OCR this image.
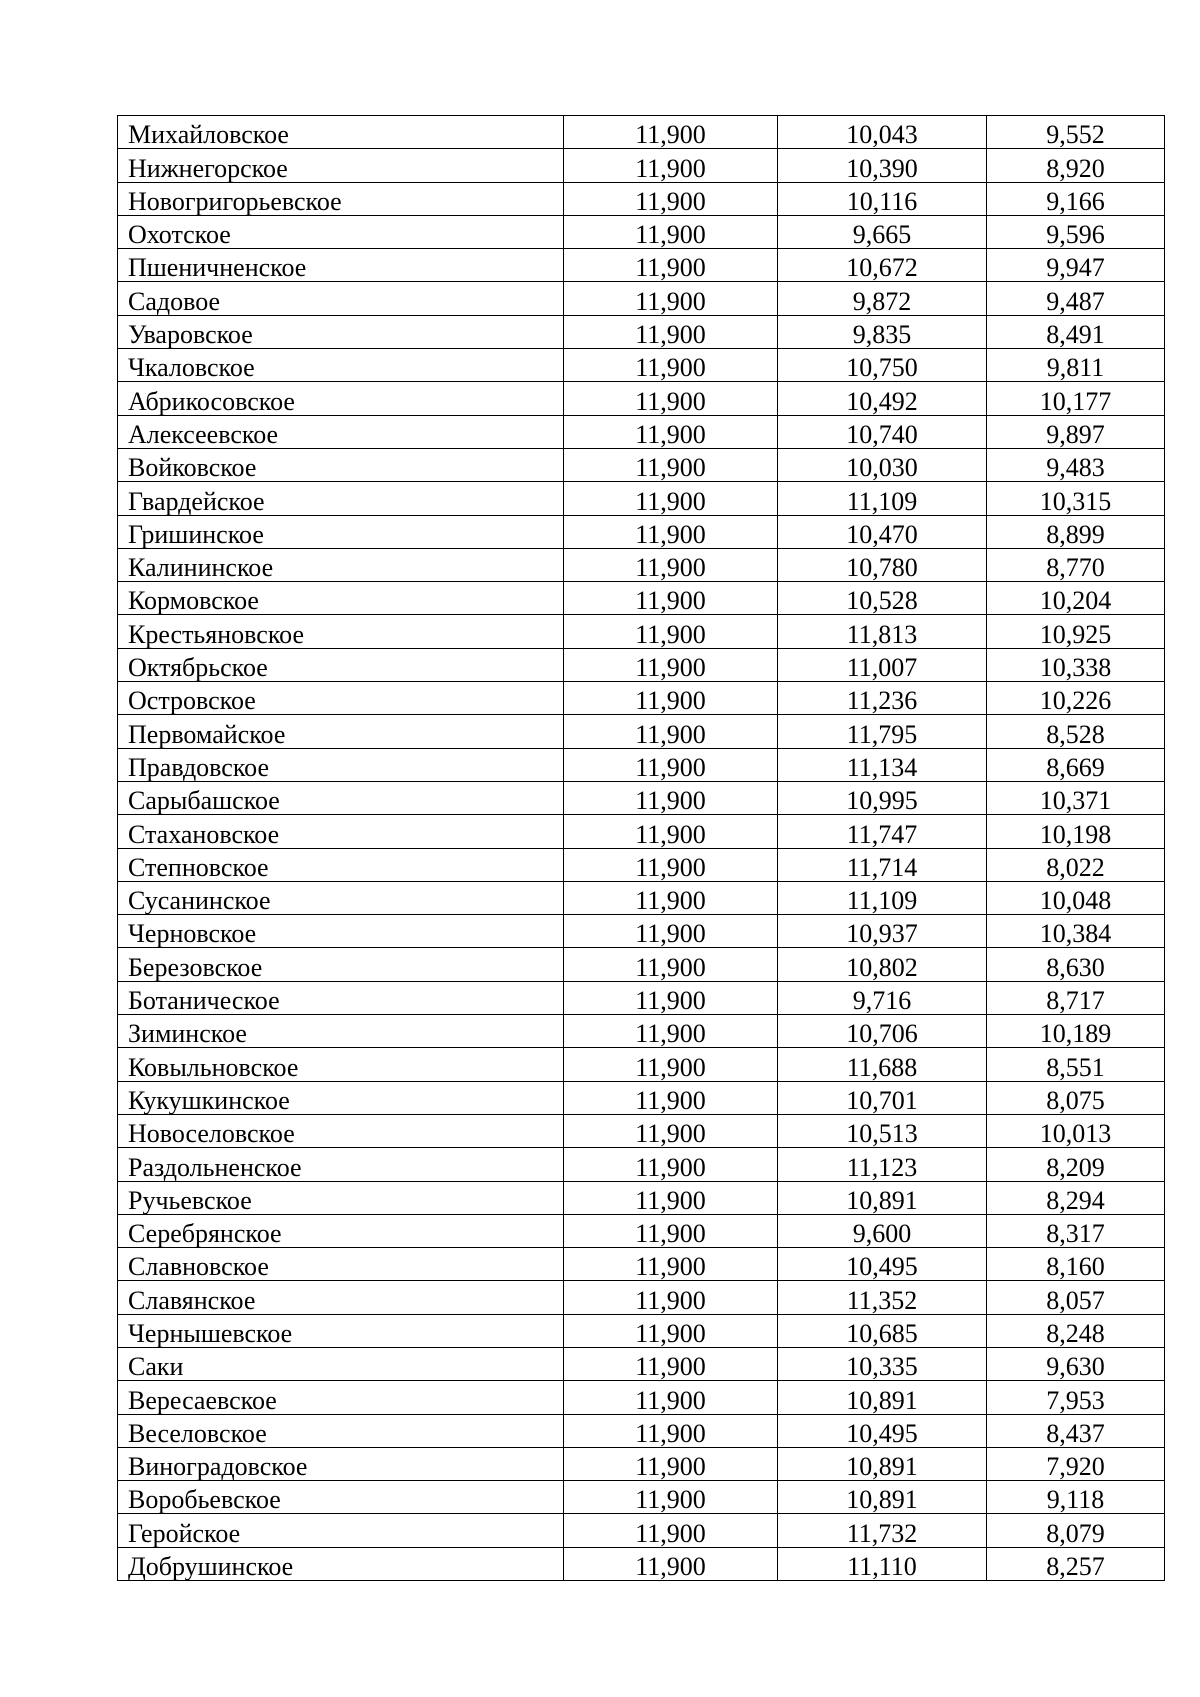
Михайловское	11,900	10,043	9,552
Нижнегорское	11,900	10,390	8,920
Новогригорьевское	11,900	10,116	9,166
Охотское	11,900	9,665	9,596
Пшеничненское	11,900	10,672	9,947
Садовое	11,900	9,872	9,487
Уваровское	11,900	9,835	8,491
Чкаловское	11,900	10,750	9,811
Абрикосовское	11,900	10,492	10,177
Алексеевское	11,900	10,740	9,897
Войковское	11,900	10,030	9,483
Гвардейское	11,900	11,109	10,315
Гришинское	11,900	10,470	8,899
Калининское	11,900	10,780	8,770
Кормовское	11,900	10,528	10,204
Крестьяновское	11,900	11,813	10,925
Октябрьское	11,900	11,007	10,338
Островское	11,900	11,236	10,226
Первомайское	11,900	11,795	8,528
Правдовское	11,900	11,134	8,669
Сарыбашское	11,900	10,995	10,371
Стахановское	11,900	11,747	10,198
Степновское	11,900	11,714	8,022
Сусанинское	11,900	11,109	10,048
Черновское	11,900	10,937	10,384
Березовское	11,900	10,802	8,630
Ботаническое	11,900	9,716	8,717
Зиминское	11,900	10,706	10,189
Ковыльновское	11,900	11,688	8,551
Кукушкинское	11,900	10,701	8,075
Новоселовское	11,900	10,513	10,013
Раздольненское	11,900	11,123	8,209
Ручьевское	11,900	10,891	8,294
Серебрянское	11,900	9,600	8,317
Славновское	11,900	10,495	8,160
Славянское	11,900	11,352	8,057
Чернышевское	11,900	10,685	8,248
Саки	11,900	10,335	9,630
Вересаевское	11,900	10,891	7,953
Веселовское	11,900	10,495	8,437
Виноградовское	11,900	10,891	7,920
Воробьевское	11,900	10,891	9,118
Геройское	11,900	11,732	8,079
Добрушинское	11,900	11,110	8,257
